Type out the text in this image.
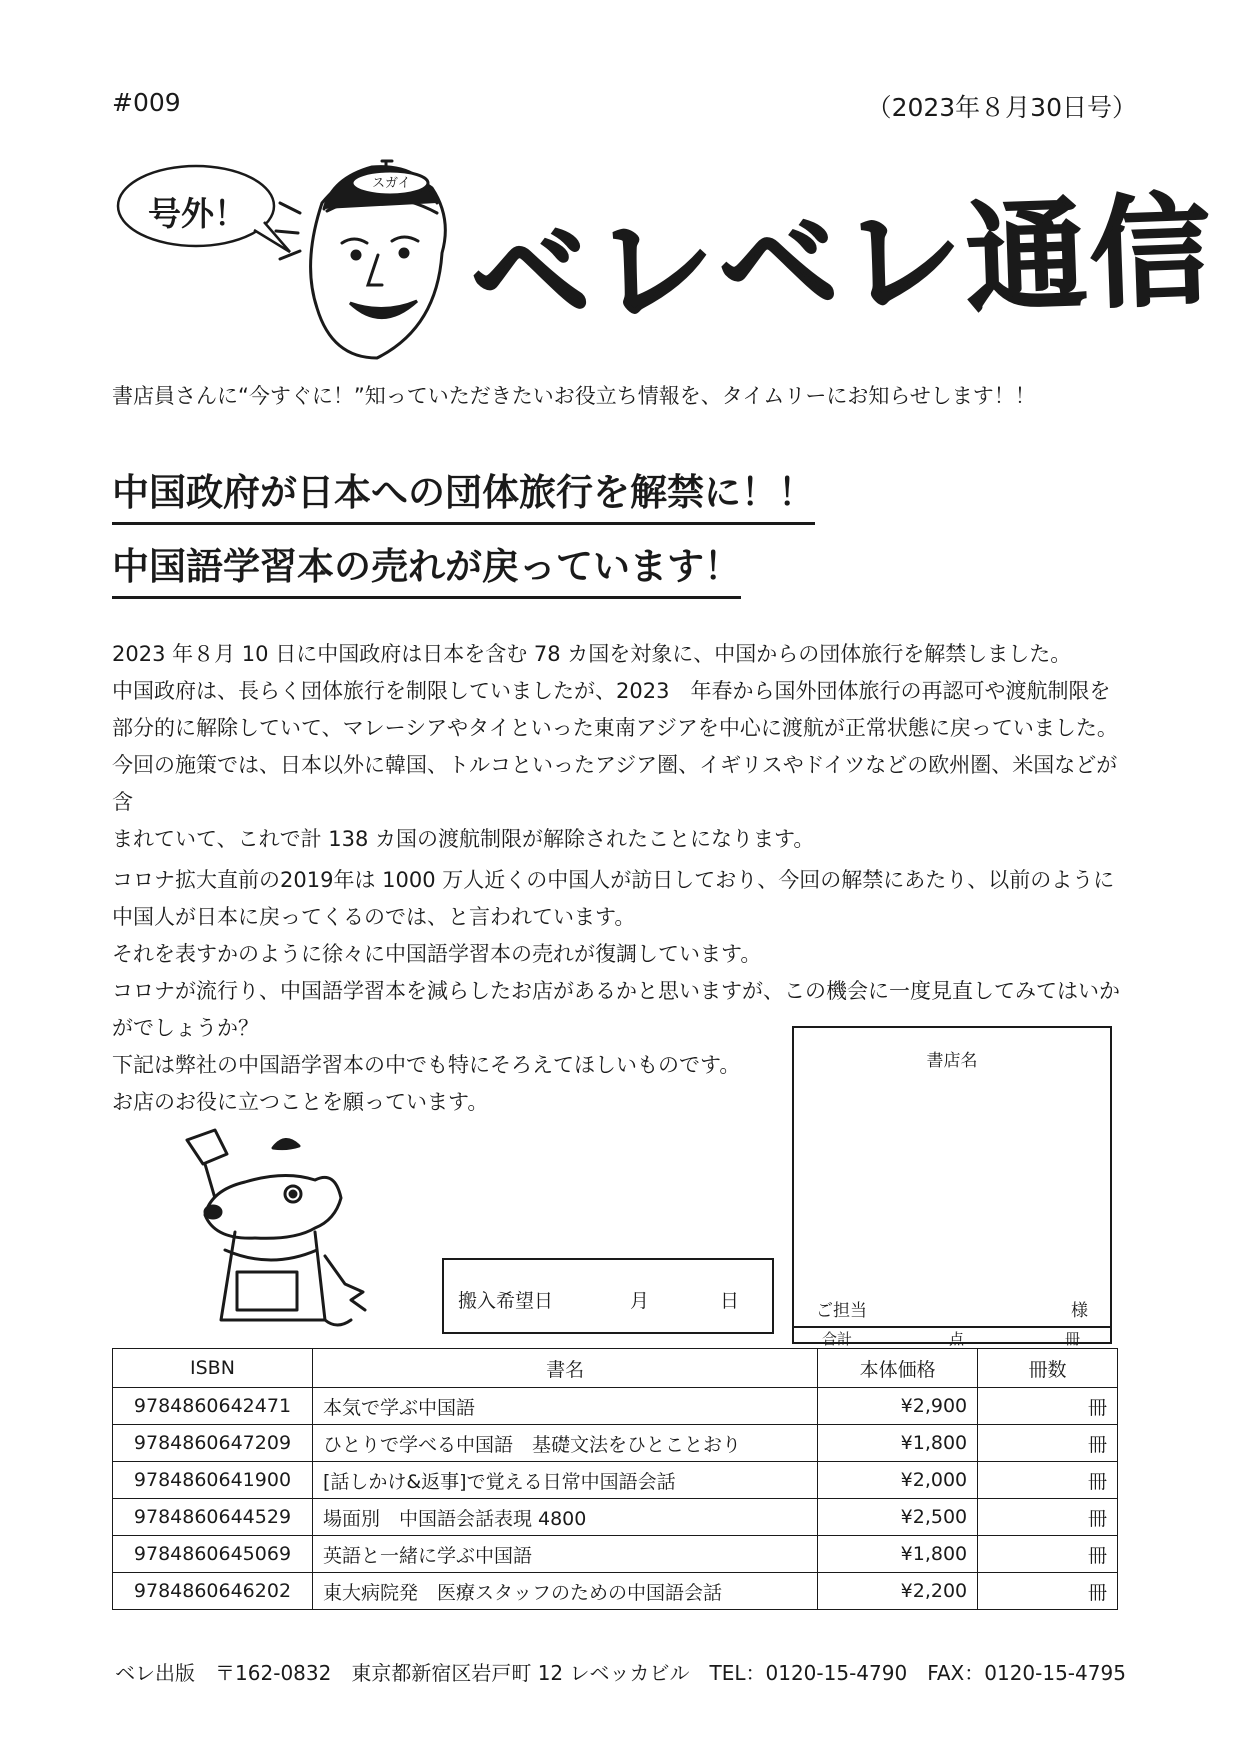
#009	（2023年８月30日号）
号外！
スガイ ベレベレ通信
書店員さんに“今すぐに！”知っていただきたいお役立ち情報を、タイムリーにお知らせします！！
中国政府が日本への団体旅行を解禁に！！
中国語学習本の売れが戻っています！
2023 年８月 10 日に中国政府は日本を含む 78 カ国を対象に、中国からの団体旅行を解禁しました。
中国政府は、長らく団体旅行を制限していましたが、2023　年春から国外団体旅行の再認可や渡航制限を
部分的に解除していて、マレーシアやタイといった東南アジアを中心に渡航が正常状態に戻っていました。
今回の施策では、日本以外に韓国、トルコといったアジア圏、イギリスやドイツなどの欧州圏、米国などが含
まれていて、これで計 138 カ国の渡航制限が解除されたことになります。
コロナ拡大直前の2019年は 1000 万人近くの中国人が訪日しており、今回の解禁にあたり、以前のように
中国人が日本に戻ってくるのでは、と言われています。
それを表すかのように徐々に中国語学習本の売れが復調しています。
コロナが流行り、中国語学習本を減らしたお店があるかと思いますが、この機会に一度見直してみてはいか
がでしょうか？
下記は弊社の中国語学習本の中でも特にそろえてほしいものです。
お店のお役に立つことを願っています。
搬入希望日	月	日
書店名
ご担当	様
合計	点	冊
ISBN	書名	本体価格	冊数
9784860642471	本気で学ぶ中国語	¥2,900	冊
9784860647209	ひとりで学べる中国語　基礎文法をひとことおり	¥1,800	冊
9784860641900	[話しかけ&返事]で覚える日常中国語会話	¥2,000	冊
9784860644529	場面別　中国語会話表現 4800	¥2,500	冊
9784860645069	英語と一緒に学ぶ中国語	¥1,800	冊
9784860646202	東大病院発　医療スタッフのための中国語会話	¥2,200	冊
ベレ出版　〒162-0832　東京都新宿区岩戸町 12 レベッカビル　TEL：0120-15-4790　FAX：0120-15-4795
